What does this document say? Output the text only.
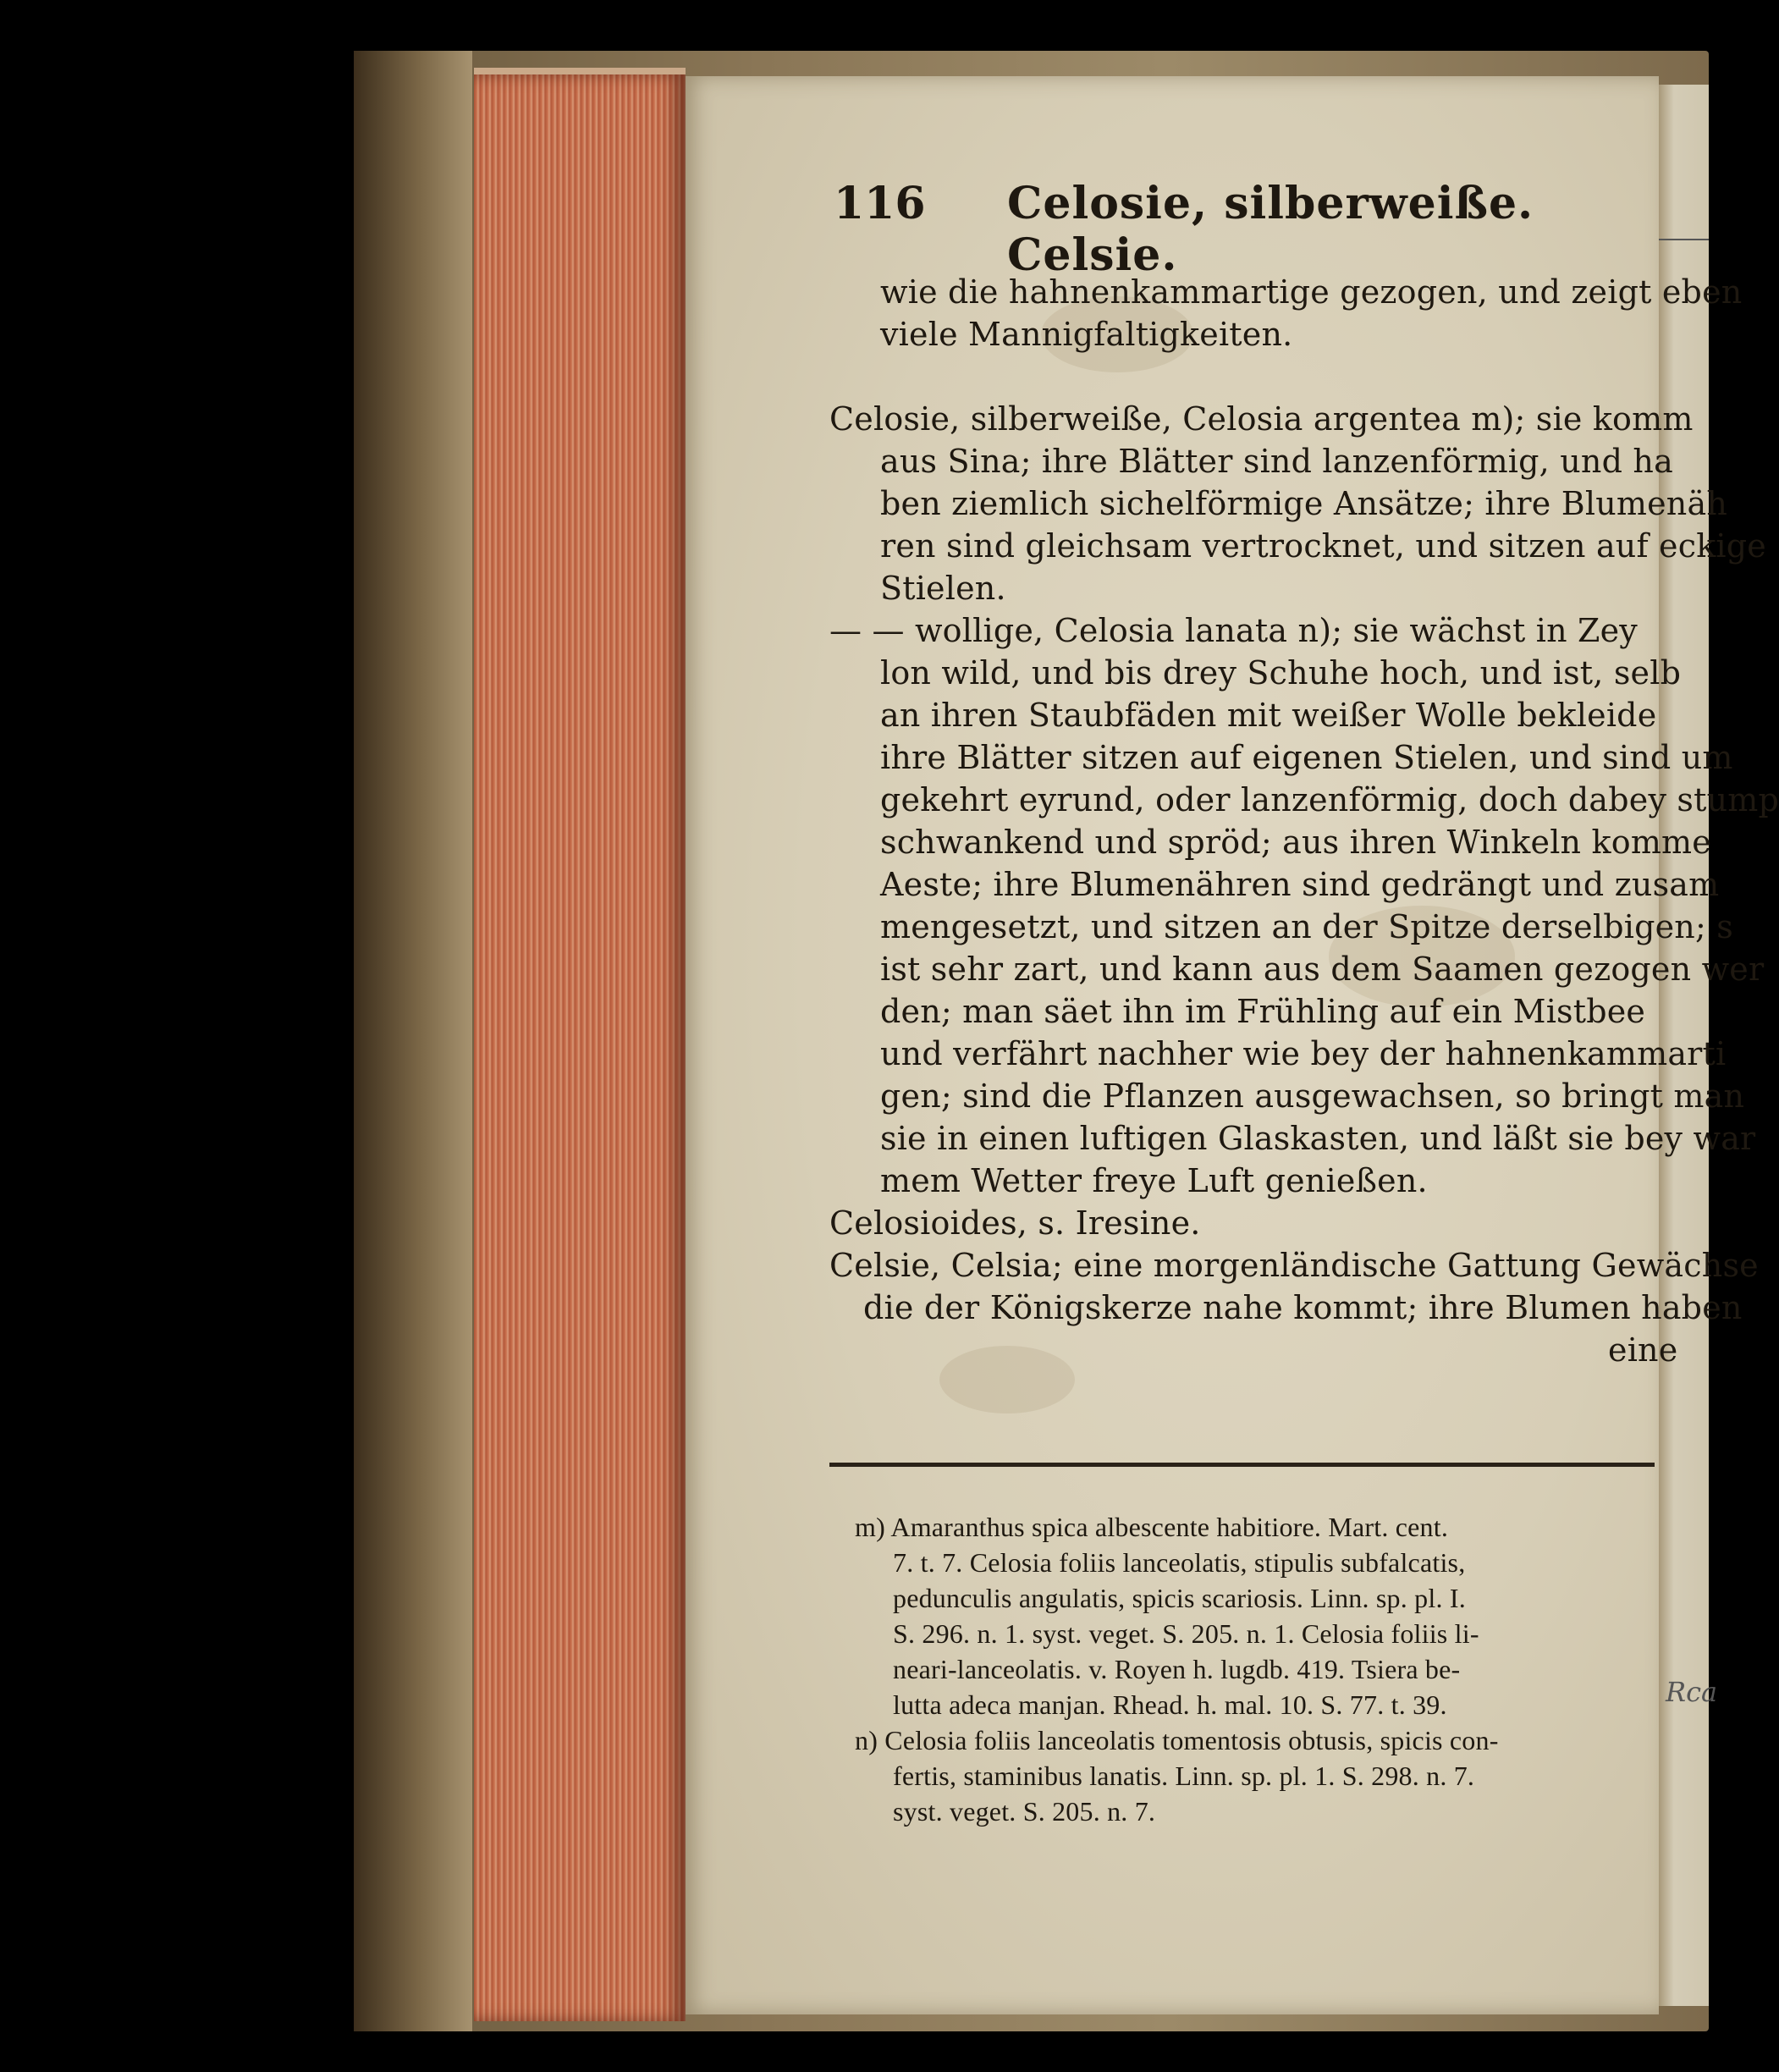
Rca
116 Celosie, silberweiße. Celsie.
wie die hahnenkammartige gezogen, und zeigt eben
viele Mannigfaltigkeiten.
Celosie, silberweiße, Celosia argentea m); sie komm
aus Sina; ihre Blätter sind lanzenförmig, und ha
ben ziemlich sichelförmige Ansätze; ihre Blumenäh
ren sind gleichsam vertrocknet, und sitzen auf eckige
Stielen.
— — wollige, Celosia lanata n); sie wächst in Zey
lon wild, und bis drey Schuhe hoch, und ist, selb
an ihren Staubfäden mit weißer Wolle bekleide
ihre Blätter sitzen auf eigenen Stielen, und sind um
gekehrt eyrund, oder lanzenförmig, doch dabey stump
schwankend und spröd; aus ihren Winkeln komme
Aeste; ihre Blumenähren sind gedrängt und zusam
mengesetzt, und sitzen an der Spitze derselbigen; s
ist sehr zart, und kann aus dem Saamen gezogen wer
den; man säet ihn im Frühling auf ein Mistbee
und verfährt nachher wie bey der hahnenkammarti
gen; sind die Pflanzen ausgewachsen, so bringt man
sie in einen luftigen Glaskasten, und läßt sie bey war
mem Wetter freye Luft genießen.
Celosioides, s. Iresine.
Celsie, Celsia; eine morgenländische Gattung Gewächse
die der Königskerze nahe kommt; ihre Blumen haben
eine
m) Amaranthus spica albescente habitiore. Mart. cent.
7. t. 7. Celosia foliis lanceolatis, stipulis subfalcatis,
pedunculis angulatis, spicis scariosis. Linn. sp. pl. I.
S. 296. n. 1. syst. veget. S. 205. n. 1. Celosia foliis li-
neari-lanceolatis. v. Royen h. lugdb. 419. Tsiera be-
lutta adeca manjan. Rhead. h. mal. 10. S. 77. t. 39.
n) Celosia foliis lanceolatis tomentosis obtusis, spicis con-
fertis, staminibus lanatis. Linn. sp. pl. 1. S. 298. n. 7.
syst. veget. S. 205. n. 7.
